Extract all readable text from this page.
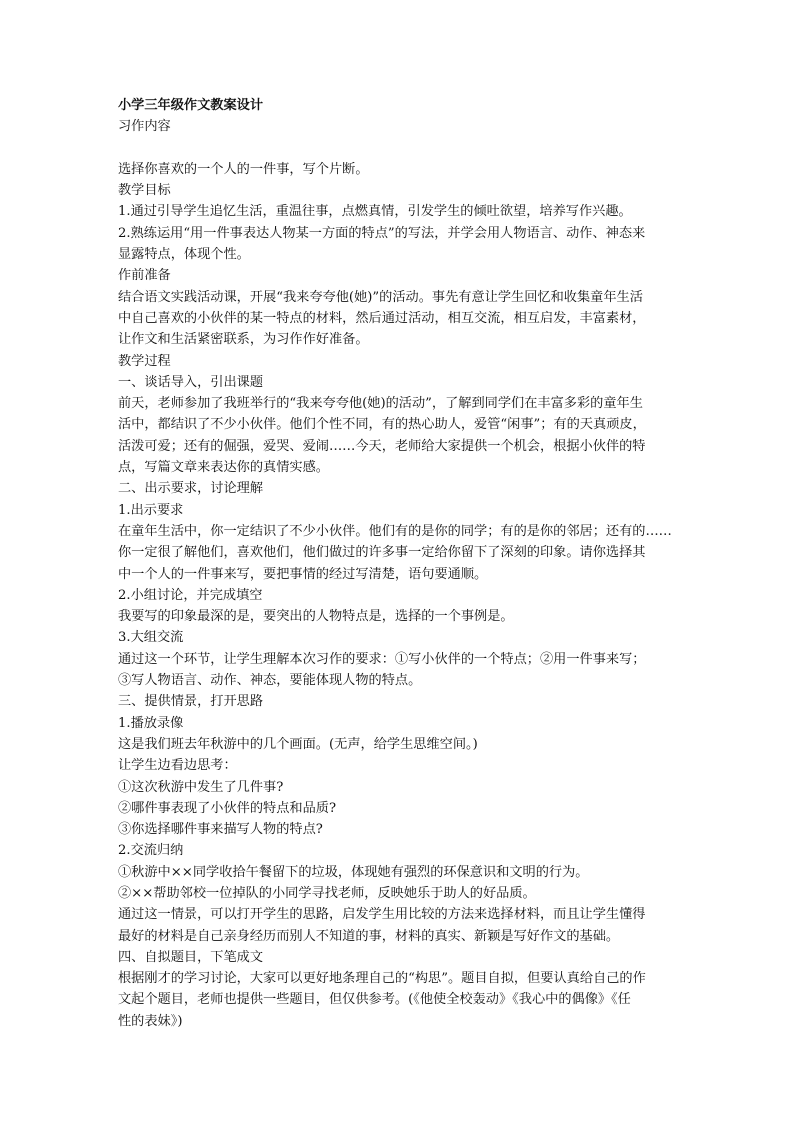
小学三年级作文教案设计
习作内容
选择你喜欢的一个人的一件事，写个片断。
教学目标
1.通过引导学生追忆生活，重温往事，点燃真情，引发学生的倾吐欲望，培养写作兴趣。
2.熟练运用“用一件事表达人物某一方面的特点”的写法，并学会用人物语言、动作、神态来
显露特点，体现个性。
作前准备
结合语文实践活动课，开展“我来夸夸他(她)”的活动。事先有意让学生回忆和收集童年生活
中自己喜欢的小伙伴的某一特点的材料，然后通过活动，相互交流，相互启发，丰富素材，
让作文和生活紧密联系，为习作作好准备。
教学过程
一、谈话导入，引出课题
前天，老师参加了我班举行的“我来夸夸他(她)的活动”，了解到同学们在丰富多彩的童年生
活中，都结识了不少小伙伴。他们个性不同，有的热心助人，爱管“闲事”；有的天真顽皮，
活泼可爱；还有的倔强，爱哭、爱闹……今天，老师给大家提供一个机会，根据小伙伴的特
点，写篇文章来表达你的真情实感。
二、出示要求，讨论理解
1.出示要求
在童年生活中，你一定结识了不少小伙伴。他们有的是你的同学；有的是你的邻居；还有的……
你一定很了解他们，喜欢他们，他们做过的许多事一定给你留下了深刻的印象。请你选择其
中一个人的一件事来写，要把事情的经过写清楚，语句要通顺。
2.小组讨论，并完成填空
我要写的印象最深的是，要突出的人物特点是，选择的一个事例是。
3.大组交流
通过这一个环节，让学生理解本次习作的要求：①写小伙伴的一个特点；②用一件事来写；
③写人物语言、动作、神态，要能体现人物的特点。
三、提供情景，打开思路
1.播放录像
这是我们班去年秋游中的几个画面。(无声，给学生思维空间。)
让学生边看边思考：
①这次秋游中发生了几件事?
②哪件事表现了小伙伴的特点和品质?
③你选择哪件事来描写人物的特点?
2.交流归纳
①秋游中××同学收拾午餐留下的垃圾，体现她有强烈的环保意识和文明的行为。
②××帮助邻校一位掉队的小同学寻找老师，反映她乐于助人的好品质。
通过这一情景，可以打开学生的思路，启发学生用比较的方法来选择材料，而且让学生懂得
最好的材料是自己亲身经历而别人不知道的事，材料的真实、新颖是写好作文的基础。
四、自拟题目，下笔成文
根据刚才的学习讨论，大家可以更好地条理自己的“构思”。题目自拟，但要认真给自己的作
文起个题目，老师也提供一些题目，但仅供参考。(《他使全校轰动》《我心中的偶像》《任
性的表妹》)
